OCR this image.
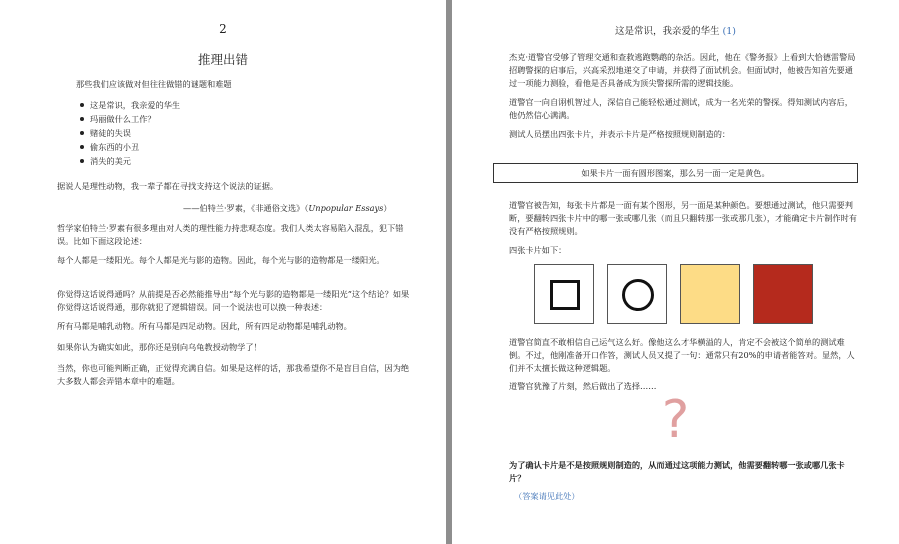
2
推理出错

那些我们应该做对但往往做错的谜题和难题

这是常识，我亲爱的华生
玛丽做什么工作？
赌徒的失误
偷东西的小丑
消失的美元

据说人是理性动物，我一辈子都在寻找支持这个说法的证据。

——伯特兰·罗素，《非通俗文选》（Unpopular Essays）

哲学家伯特兰·罗素有很多理由对人类的理性能力持悲观态度。我们人类太容易陷入混乱，犯下错误。比如下面这段论述：

每个人都是一缕阳光。每个人都是光与影的造物。因此，每个光与影的造物都是一缕阳光。

你觉得这话说得通吗？从前提是否必然能推导出“每个光与影的造物都是一缕阳光”这个结论？如果你觉得这话说得通，那你就犯了逻辑错误。同一个说法也可以换一种表述：

所有马都是哺乳动物。所有马都是四足动物。因此，所有四足动物都是哺乳动物。

如果你认为确实如此，那你还是别向乌龟教授动物学了！

当然，你也可能判断正确，正觉得充满自信。如果是这样的话，那我希望你不是盲目自信，因为绝大多数人都会弄错本章中的难题。

这是常识，我亲爱的华生 (1)

杰克·道警官受够了管理交通和查救逃跑鹦鹉的杂活。因此，他在《警务报》上看到大恰德雷警局招聘警探的启事后，兴高采烈地递交了申请，并获得了面试机会。但面试时，他被告知首先要通过一项能力测验，看他是否具备成为顶尖警探所需的逻辑技能。

道警官一向自诩机智过人，深信自己能轻松通过测试，成为一名光荣的警探。得知测试内容后，他仍然信心满满。

测试人员摆出四张卡片，并表示卡片是严格按照规则制造的：

如果卡片一面有圆形图案，那么另一面一定是黄色。

道警官被告知，每张卡片都是一面有某个图形，另一面是某种颜色。要想通过测试，他只需要判断，要翻转四张卡片中的哪一张或哪几张（而且只翻转那一张或那几张），才能确定卡片制作时有没有严格按照规则。

四张卡片如下：

道警官简直不敢相信自己运气这么好。像他这么才华横溢的人，肯定不会被这个简单的测试难倒。不过，他刚准备开口作答，测试人员又提了一句：通常只有20%的申请者能答对。显然，人们并不太擅长做这种逻辑题。

道警官犹豫了片刻，然后做出了选择……

?

为了确认卡片是不是按照规则制造的，从而通过这项能力测试，他需要翻转哪一张或哪几张卡片？

（答案请见此处）
